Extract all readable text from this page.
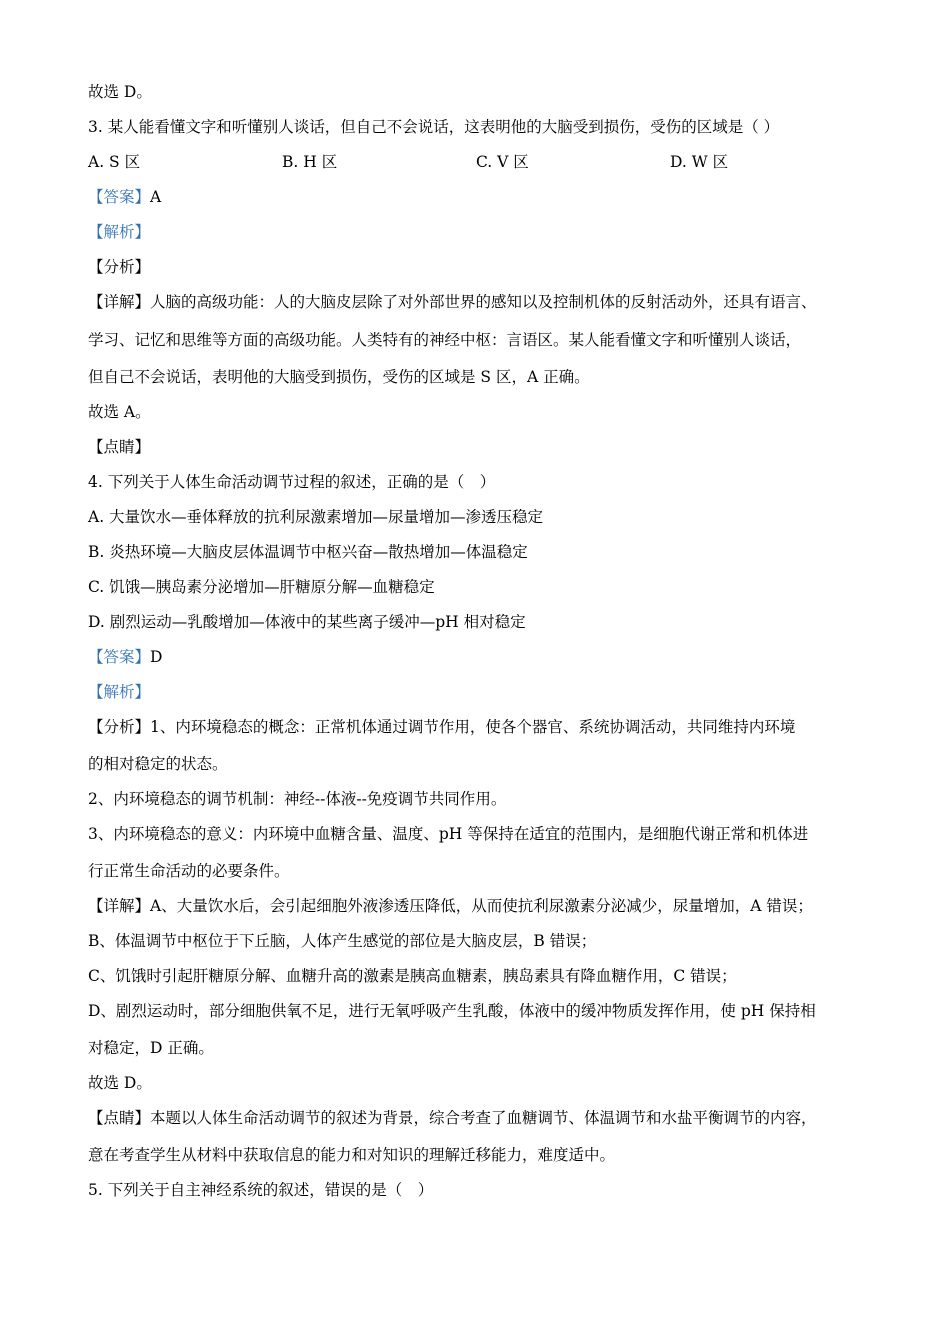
故选 D。
3. 某人能看懂文字和听懂别人谈话，但自己不会说话，这表明他的大脑受到损伤，受伤的区域是（ ）
A. S 区	B. H 区	C. V 区	D. W 区
【答案】A
【解析】
【分析】
【详解】人脑的高级功能：人的大脑皮层除了对外部世界的感知以及控制机体的反射活动外，还具有语言、
学习、记忆和思维等方面的高级功能。人类特有的神经中枢：言语区。某人能看懂文字和听懂别人谈话，
但自己不会说话，表明他的大脑受到损伤，受伤的区域是 S 区，A 正确。
故选 A。
【点睛】
4. 下列关于人体生命活动调节过程的叙述，正确的是（　）
A. 大量饮水—垂体释放的抗利尿激素增加—尿量增加—渗透压稳定
B. 炎热环境—大脑皮层体温调节中枢兴奋—散热增加—体温稳定
C. 饥饿—胰岛素分泌增加—肝糖原分解—血糖稳定
D. 剧烈运动—乳酸增加—体液中的某些离子缓冲—pH 相对稳定
【答案】D
【解析】
【分析】1、内环境稳态的概念：正常机体通过调节作用，使各个器官、系统协调活动，共同维持内环境
的相对稳定的状态。
2、内环境稳态的调节机制：神经--体液--免疫调节共同作用。
3、内环境稳态的意义：内环境中血糖含量、温度、pH 等保持在适宜的范围内，是细胞代谢正常和机体进
行正常生命活动的必要条件。
【详解】A、大量饮水后，会引起细胞外液渗透压降低，从而使抗利尿激素分泌减少，尿量增加，A 错误；
B、体温调节中枢位于下丘脑，人体产生感觉的部位是大脑皮层，B 错误；
C、饥饿时引起肝糖原分解、血糖升高的激素是胰高血糖素，胰岛素具有降血糖作用，C 错误；
D、剧烈运动时，部分细胞供氧不足，进行无氧呼吸产生乳酸，体液中的缓冲物质发挥作用，使 pH 保持相
对稳定，D 正确。
故选 D。
【点睛】本题以人体生命活动调节的叙述为背景，综合考查了血糖调节、体温调节和水盐平衡调节的内容，
意在考查学生从材料中获取信息的能力和对知识的理解迁移能力，难度适中。
5. 下列关于自主神经系统的叙述，错误的是（　）
